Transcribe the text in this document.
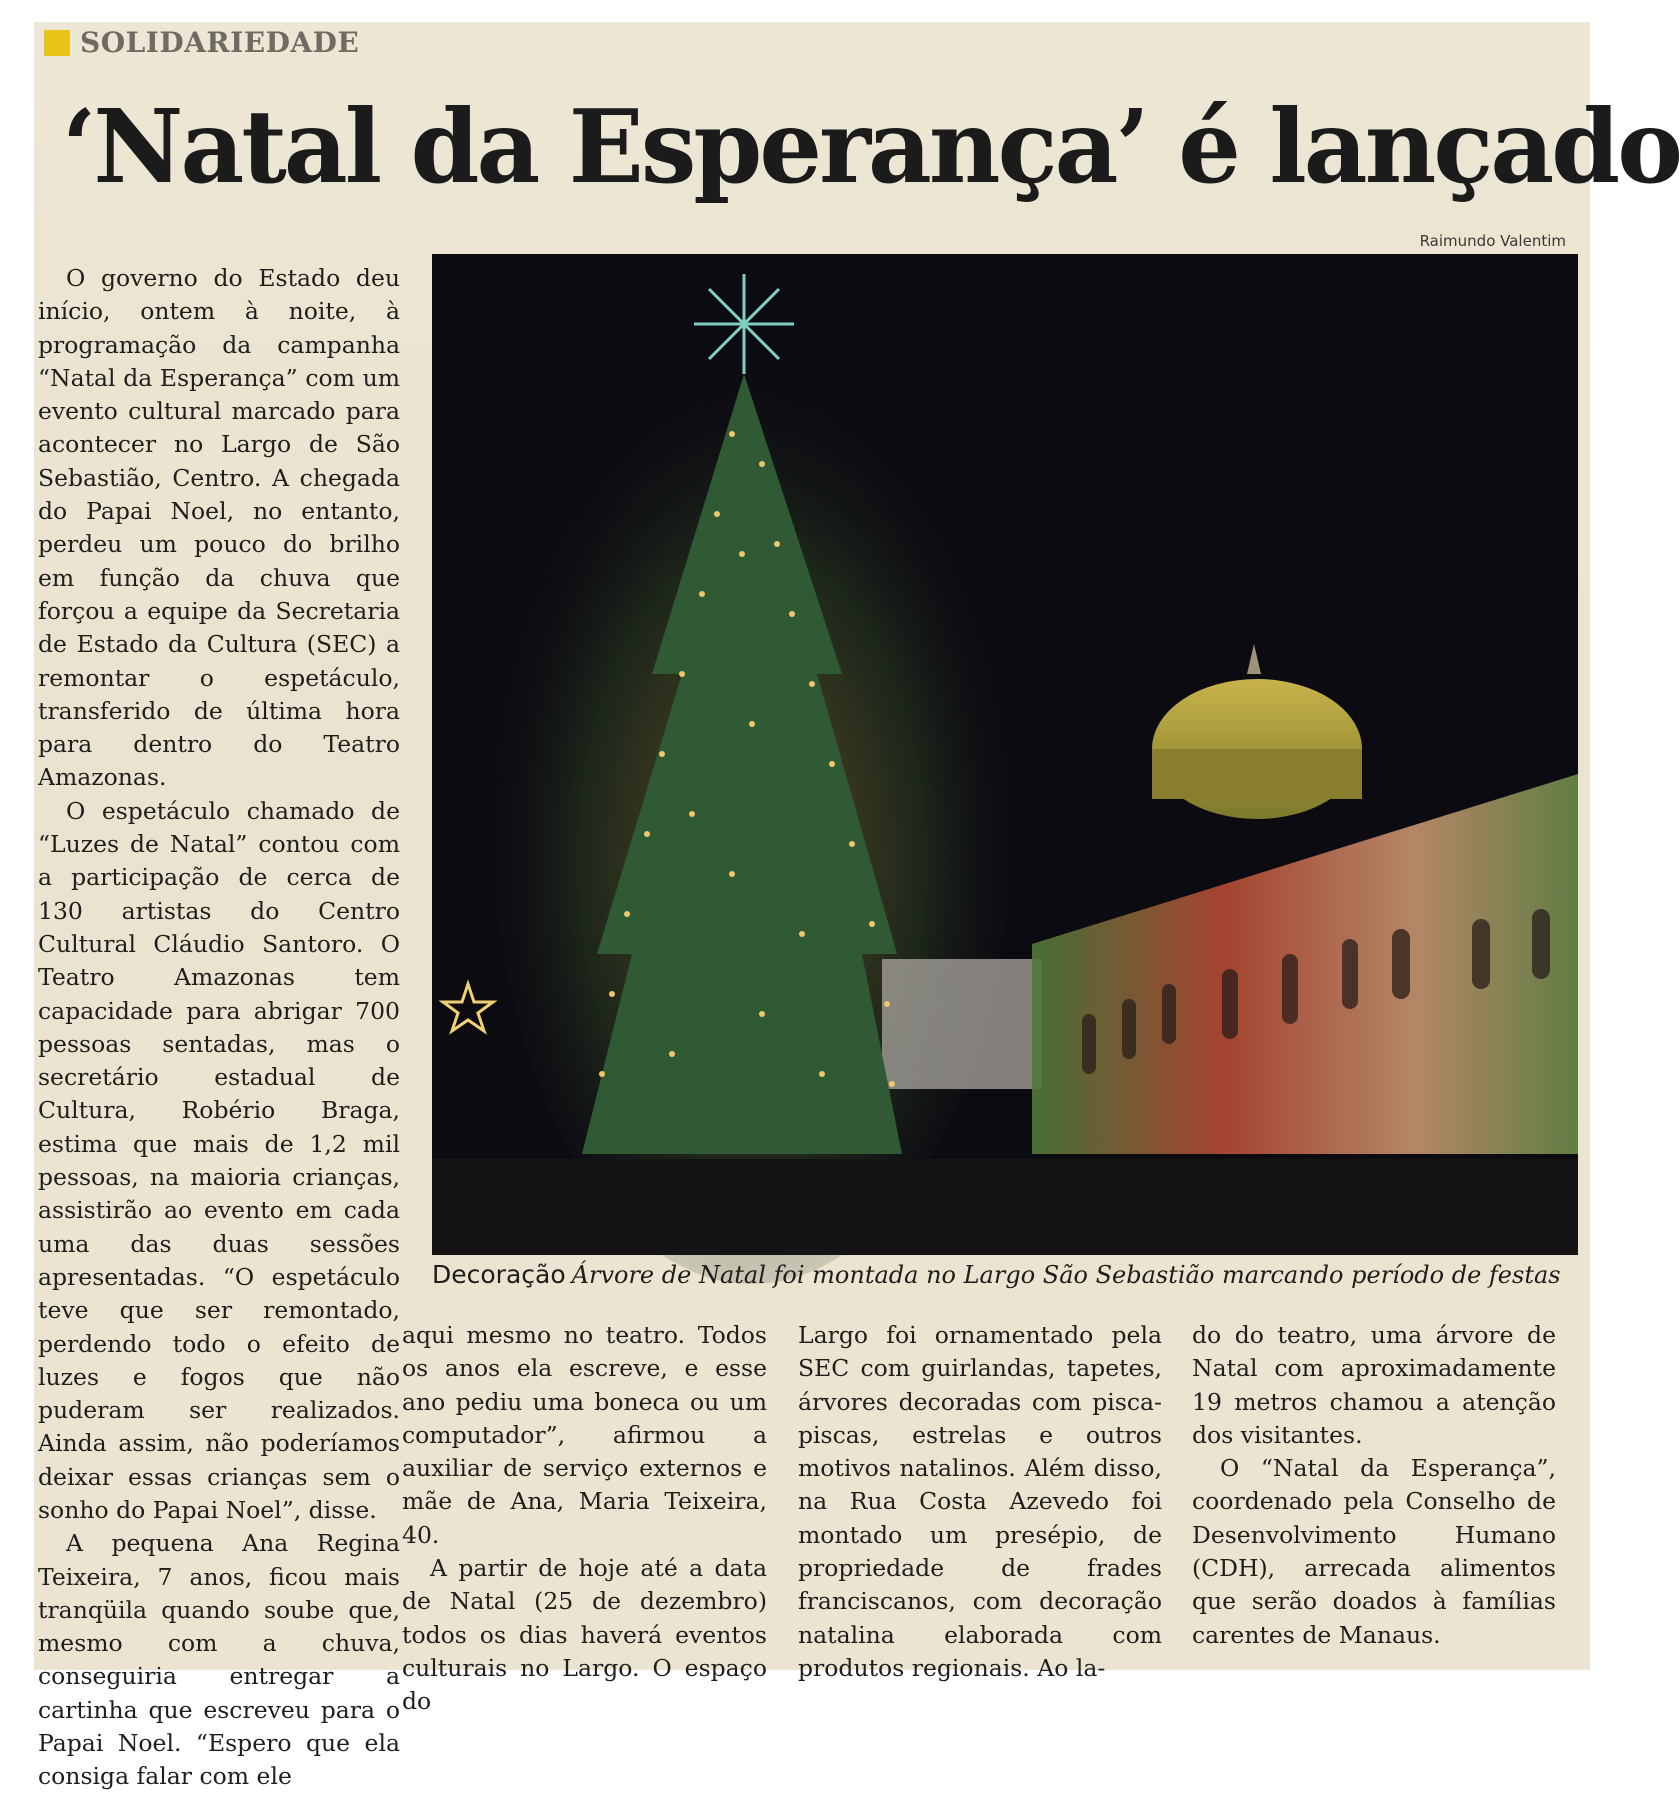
SOLIDARIEDADE
‘Natal da Esperança’ é lançado
Raimundo Valentim
Decoração Árvore de Natal foi montada no Largo São Sebastião marcando período de festas

O governo do Estado deu início, ontem à noite, à programação da campanha “Natal da Esperança” com um evento cultural marcado para acontecer no Largo de São Sebastião, Centro. A chegada do Papai Noel, no entanto, perdeu um pouco do brilho em função da chuva que forçou a equipe da Secretaria de Estado da Cultura (SEC) a remontar o espetáculo, transferido de última hora para dentro do Teatro Amazonas.

O espetáculo chamado de “Luzes de Natal” contou com a participação de cerca de 130 artistas do Centro Cultural Cláudio Santoro. O Teatro Amazonas tem capacidade para abrigar 700 pessoas sentadas, mas o secretário estadual de Cultura, Robério Braga, estima que mais de 1,2 mil pessoas, na maioria crianças, assistirão ao evento em cada uma das duas sessões apresentadas. “O espetáculo teve que ser remontado, perdendo todo o efeito de luzes e fogos que não puderam ser realizados. Ainda assim, não poderíamos deixar essas crianças sem o sonho do Papai Noel”, disse.

A pequena Ana Regina Teixeira, 7 anos, ficou mais tranqüila quando soube que, mesmo com a chuva, conseguiria entregar a cartinha que escreveu para o Papai Noel. “Espero que ela consiga falar com ele

aqui mesmo no teatro. Todos os anos ela escreve, e esse ano pediu uma boneca ou um computador”, afirmou a auxiliar de serviço externos e mãe de Ana, Maria Teixeira, 40.

A partir de hoje até a data de Natal (25 de dezembro) todos os dias haverá eventos culturais no Largo. O espaço do

Largo foi ornamentado pela SEC com guirlandas, tapetes, árvores decoradas com pisca-piscas, estrelas e outros motivos natalinos. Além disso, na Rua Costa Azevedo foi montado um presépio, de propriedade de frades franciscanos, com decoração natalina elaborada com produtos regionais. Ao la-

do do teatro, uma árvore de Natal com aproximadamente 19 metros chamou a atenção dos visitantes.

O “Natal da Esperança”, coordenado pela Conselho de Desenvolvimento Humano (CDH), arrecada alimentos que serão doados à famílias carentes de Manaus.
